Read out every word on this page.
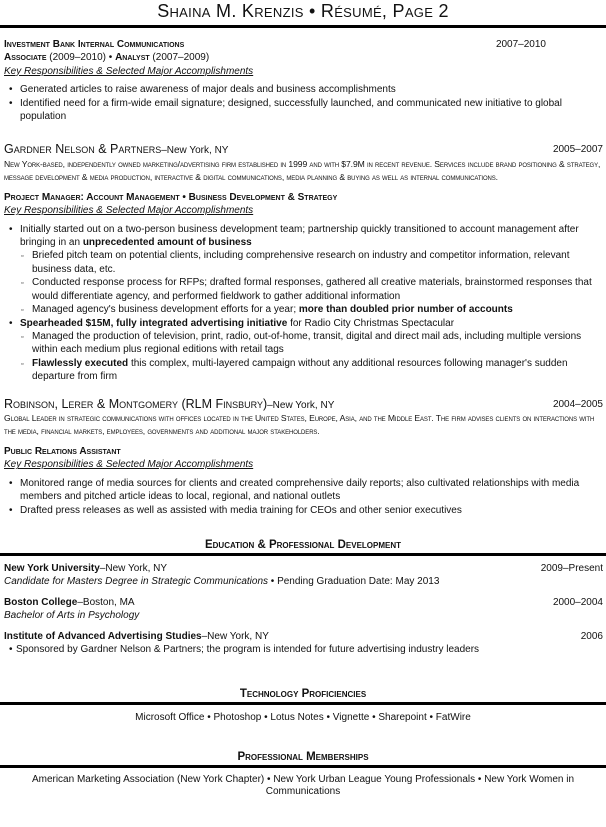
Shaina M. Krenzis • Résumé, Page 2
Investment Bank Internal Communications	2007–2010
Associate (2009–2010) • Analyst (2007–2009)
Key Responsibilities & Selected Major Accomplishments
• Generated articles to raise awareness of major deals and business accomplishments
• Identified need for a firm-wide email signature; designed, successfully launched, and communicated new initiative to global population
Gardner Nelson & Partners–New York, NY	2005–2007
New York-based, independently owned marketing/advertising firm established in 1999 and with $7.9M in recent revenue. Services include brand positioning & strategy, message development & media production, interactive & digital communications, media planning & buying as well as internal communications.
Project Manager: Account Management • Business Development & Strategy
Key Responsibilities & Selected Major Accomplishments
• Initially started out on a two-person business development team; partnership quickly transitioned to account management after bringing in an unprecedented amount of business
▫ Briefed pitch team on potential clients, including comprehensive research on industry and competitor information, relevant business data, etc.
▫ Conducted response process for RFPs; drafted formal responses, gathered all creative materials, brainstormed responses that would differentiate agency, and performed fieldwork to gather additional information
▫ Managed agency's business development efforts for a year; more than doubled prior number of accounts
• Spearheaded $15M, fully integrated advertising initiative for Radio City Christmas Spectacular
▫ Managed the production of television, print, radio, out-of-home, transit, digital and direct mail ads, including multiple versions within each medium plus regional editions with retail tags
▫ Flawlessly executed this complex, multi-layered campaign without any additional resources following manager's sudden departure from firm
Robinson, Lerer & Montgomery (RLM Finsbury)–New York, NY	2004–2005
Global Leader in strategic communications with offices located in the United States, Europe, Asia, and the Middle East. The firm advises clients on interactions with the media, financial markets, employees, governments and additional major stakeholders.
Public Relations Assistant
Key Responsibilities & Selected Major Accomplishments
• Monitored range of media sources for clients and created comprehensive daily reports; also cultivated relationships with media members and pitched article ideas to local, regional, and national outlets
• Drafted press releases as well as assisted with media training for CEOs and other senior executives
Education & Professional Development
New York University–New York, NY	2009–Present
Candidate for Masters Degree in Strategic Communications • Pending Graduation Date: May 2013
Boston College–Boston, MA	2000–2004
Bachelor of Arts in Psychology
Institute of Advanced Advertising Studies–New York, NY	2006
• Sponsored by Gardner Nelson & Partners; the program is intended for future advertising industry leaders
Technology Proficiencies
Microsoft Office • Photoshop • Lotus Notes • Vignette • Sharepoint • FatWire
Professional Memberships
American Marketing Association (New York Chapter) • New York Urban League Young Professionals • New York Women in Communications
